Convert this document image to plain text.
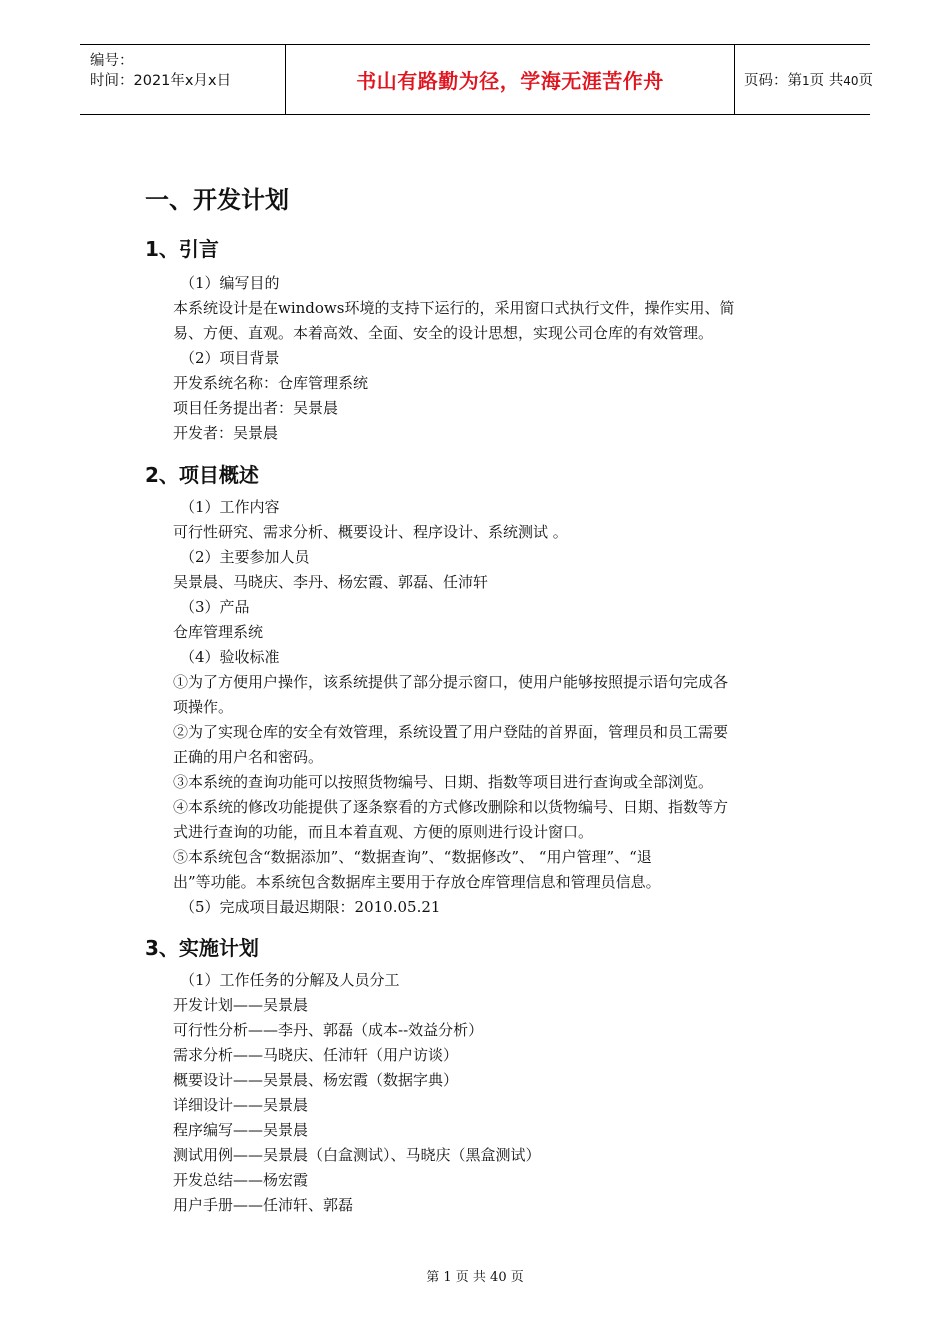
编号：
时间：2021年x月x日	书山有路勤为径，学海无涯苦作舟	页码：第1页 共40页
一、开发计划
1、引言
（1）编写目的
本系统设计是在windows环境的支持下运行的，采用窗口式执行文件，操作实用、简
易、方便、直观。本着高效、全面、安全的设计思想，实现公司仓库的有效管理。
（2）项目背景
开发系统名称：仓库管理系统
项目任务提出者：吴景晨
开发者：吴景晨
2、项目概述
（1）工作内容
可行性研究、需求分析、概要设计、程序设计、系统测试 。
（2）主要参加人员
吴景晨、马晓庆、李丹、杨宏霞、郭磊、任沛轩
（3）产品
仓库管理系统
（4）验收标准
①为了方便用户操作，该系统提供了部分提示窗口，使用户能够按照提示语句完成各
项操作。
②为了实现仓库的安全有效管理，系统设置了用户登陆的首界面，管理员和员工需要
正确的用户名和密码。
③本系统的查询功能可以按照货物编号、日期、指数等项目进行查询或全部浏览。
④本系统的修改功能提供了逐条察看的方式修改删除和以货物编号、日期、指数等方
式进行查询的功能，而且本着直观、方便的原则进行设计窗口。
⑤本系统包含“数据添加”、“数据查询”、“数据修改”、 “用户管理”、“退
出”等功能。本系统包含数据库主要用于存放仓库管理信息和管理员信息。
（5）完成项目最迟期限：2010.05.21
3、实施计划
（1）工作任务的分解及人员分工
开发计划——吴景晨
可行性分析——李丹、郭磊（成本--效益分析）
需求分析——马晓庆、任沛轩（用户访谈）
概要设计——吴景晨、杨宏霞（数据字典）
详细设计——吴景晨
程序编写——吴景晨
测试用例——吴景晨（白盒测试）、马晓庆（黑盒测试）
开发总结——杨宏霞
用户手册——任沛轩、郭磊
第 1 页 共 40 页
